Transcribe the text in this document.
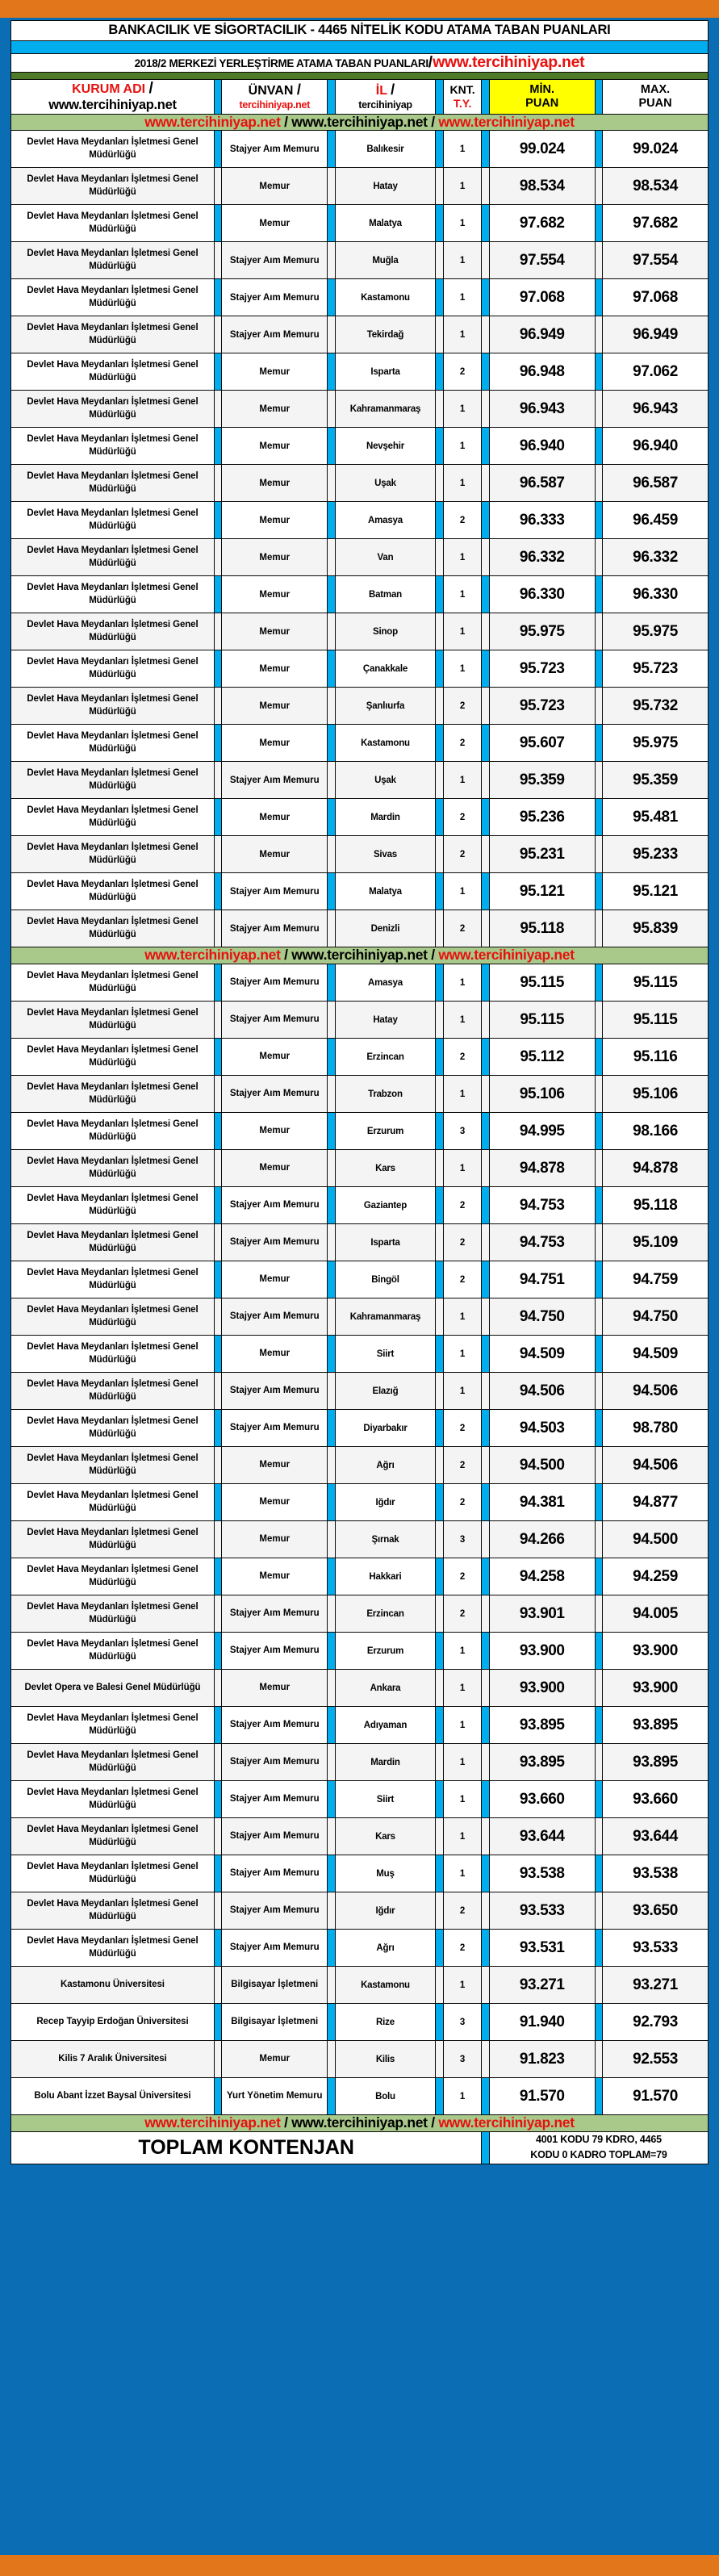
BANKACILIK VE SİGORTACILIK - 4465 NİTELİK KODU ATAMA TABAN PUANLARI										

2018/2 MERKEZİ YERLEŞTİRME ATAMA TABAN PUANLARI/www.tercihiniyap.net										

KURUM ADI /
www.tercihiniyap.net		ÜNVAN /
tercihiniyap.net		İL /
tercihiniyap		KNT.
T.Y.		MİN.
PUAN		MAX.
PUAN

www.tercihiniyap.net / www.tercihiniyap.net / www.tercihiniyap.net										
Devlet Hava Meydanları İşletmesi Genel Müdürlüğü		Stajyer Aım Memuru		Balıkesir		1		99.024		99.024
Devlet Hava Meydanları İşletmesi Genel Müdürlüğü		Memur		Hatay		1		98.534		98.534
Devlet Hava Meydanları İşletmesi Genel Müdürlüğü		Memur		Malatya		1		97.682		97.682
Devlet Hava Meydanları İşletmesi Genel Müdürlüğü		Stajyer Aım Memuru		Muğla		1		97.554		97.554
Devlet Hava Meydanları İşletmesi Genel Müdürlüğü		Stajyer Aım Memuru		Kastamonu		1		97.068		97.068
Devlet Hava Meydanları İşletmesi Genel Müdürlüğü		Stajyer Aım Memuru		Tekirdağ		1		96.949		96.949
Devlet Hava Meydanları İşletmesi Genel Müdürlüğü		Memur		Isparta		2		96.948		97.062
Devlet Hava Meydanları İşletmesi Genel Müdürlüğü		Memur		Kahramanmaraş		1		96.943		96.943
Devlet Hava Meydanları İşletmesi Genel Müdürlüğü		Memur		Nevşehir		1		96.940		96.940
Devlet Hava Meydanları İşletmesi Genel Müdürlüğü		Memur		Uşak		1		96.587		96.587
Devlet Hava Meydanları İşletmesi Genel Müdürlüğü		Memur		Amasya		2		96.333		96.459
Devlet Hava Meydanları İşletmesi Genel Müdürlüğü		Memur		Van		1		96.332		96.332
Devlet Hava Meydanları İşletmesi Genel Müdürlüğü		Memur		Batman		1		96.330		96.330
Devlet Hava Meydanları İşletmesi Genel Müdürlüğü		Memur		Sinop		1		95.975		95.975
Devlet Hava Meydanları İşletmesi Genel Müdürlüğü		Memur		Çanakkale		1		95.723		95.723
Devlet Hava Meydanları İşletmesi Genel Müdürlüğü		Memur		Şanlıurfa		2		95.723		95.732
Devlet Hava Meydanları İşletmesi Genel Müdürlüğü		Memur		Kastamonu		2		95.607		95.975
Devlet Hava Meydanları İşletmesi Genel Müdürlüğü		Stajyer Aım Memuru		Uşak		1		95.359		95.359
Devlet Hava Meydanları İşletmesi Genel Müdürlüğü		Memur		Mardin		2		95.236		95.481
Devlet Hava Meydanları İşletmesi Genel Müdürlüğü		Memur		Sivas		2		95.231		95.233
Devlet Hava Meydanları İşletmesi Genel Müdürlüğü		Stajyer Aım Memuru		Malatya		1		95.121		95.121
Devlet Hava Meydanları İşletmesi Genel Müdürlüğü		Stajyer Aım Memuru		Denizli		2		95.118		95.839
www.tercihiniyap.net / www.tercihiniyap.net / www.tercihiniyap.net										
Devlet Hava Meydanları İşletmesi Genel Müdürlüğü		Stajyer Aım Memuru		Amasya		1		95.115		95.115
Devlet Hava Meydanları İşletmesi Genel Müdürlüğü		Stajyer Aım Memuru		Hatay		1		95.115		95.115
Devlet Hava Meydanları İşletmesi Genel Müdürlüğü		Memur		Erzincan		2		95.112		95.116
Devlet Hava Meydanları İşletmesi Genel Müdürlüğü		Stajyer Aım Memuru		Trabzon		1		95.106		95.106
Devlet Hava Meydanları İşletmesi Genel Müdürlüğü		Memur		Erzurum		3		94.995		98.166
Devlet Hava Meydanları İşletmesi Genel Müdürlüğü		Memur		Kars		1		94.878		94.878
Devlet Hava Meydanları İşletmesi Genel Müdürlüğü		Stajyer Aım Memuru		Gaziantep		2		94.753		95.118
Devlet Hava Meydanları İşletmesi Genel Müdürlüğü		Stajyer Aım Memuru		Isparta		2		94.753		95.109
Devlet Hava Meydanları İşletmesi Genel Müdürlüğü		Memur		Bingöl		2		94.751		94.759
Devlet Hava Meydanları İşletmesi Genel Müdürlüğü		Stajyer Aım Memuru		Kahramanmaraş		1		94.750		94.750
Devlet Hava Meydanları İşletmesi Genel Müdürlüğü		Memur		Siirt		1		94.509		94.509
Devlet Hava Meydanları İşletmesi Genel Müdürlüğü		Stajyer Aım Memuru		Elazığ		1		94.506		94.506
Devlet Hava Meydanları İşletmesi Genel Müdürlüğü		Stajyer Aım Memuru		Diyarbakır		2		94.503		98.780
Devlet Hava Meydanları İşletmesi Genel Müdürlüğü		Memur		Ağrı		2		94.500		94.506
Devlet Hava Meydanları İşletmesi Genel Müdürlüğü		Memur		Iğdır		2		94.381		94.877
Devlet Hava Meydanları İşletmesi Genel Müdürlüğü		Memur		Şırnak		3		94.266		94.500
Devlet Hava Meydanları İşletmesi Genel Müdürlüğü		Memur		Hakkari		2		94.258		94.259
Devlet Hava Meydanları İşletmesi Genel Müdürlüğü		Stajyer Aım Memuru		Erzincan		2		93.901		94.005
Devlet Hava Meydanları İşletmesi Genel Müdürlüğü		Stajyer Aım Memuru		Erzurum		1		93.900		93.900
Devlet Opera ve Balesi Genel Müdürlüğü		Memur		Ankara		1		93.900		93.900
Devlet Hava Meydanları İşletmesi Genel Müdürlüğü		Stajyer Aım Memuru		Adıyaman		1		93.895		93.895
Devlet Hava Meydanları İşletmesi Genel Müdürlüğü		Stajyer Aım Memuru		Mardin		1		93.895		93.895
Devlet Hava Meydanları İşletmesi Genel Müdürlüğü		Stajyer Aım Memuru		Siirt		1		93.660		93.660
Devlet Hava Meydanları İşletmesi Genel Müdürlüğü		Stajyer Aım Memuru		Kars		1		93.644		93.644
Devlet Hava Meydanları İşletmesi Genel Müdürlüğü		Stajyer Aım Memuru		Muş		1		93.538		93.538
Devlet Hava Meydanları İşletmesi Genel Müdürlüğü		Stajyer Aım Memuru		Iğdır		2		93.533		93.650
Devlet Hava Meydanları İşletmesi Genel Müdürlüğü		Stajyer Aım Memuru		Ağrı		2		93.531		93.533
Kastamonu Üniversitesi		Bilgisayar İşletmeni		Kastamonu		1		93.271		93.271
Recep Tayyip Erdoğan Üniversitesi		Bilgisayar İşletmeni		Rize		3		91.940		92.793
Kilis 7 Aralık Üniversitesi		Memur		Kilis		3		91.823		92.553
Bolu Abant İzzet Baysal Üniversitesi		Yurt Yönetim Memuru		Bolu		1		91.570		91.570
www.tercihiniyap.net / www.tercihiniyap.net / www.tercihiniyap.net										
TOPLAM KONTENJAN								4001 KODU 79 KDRO, 4465
KODU 0 KADRO TOPLAM=79		
